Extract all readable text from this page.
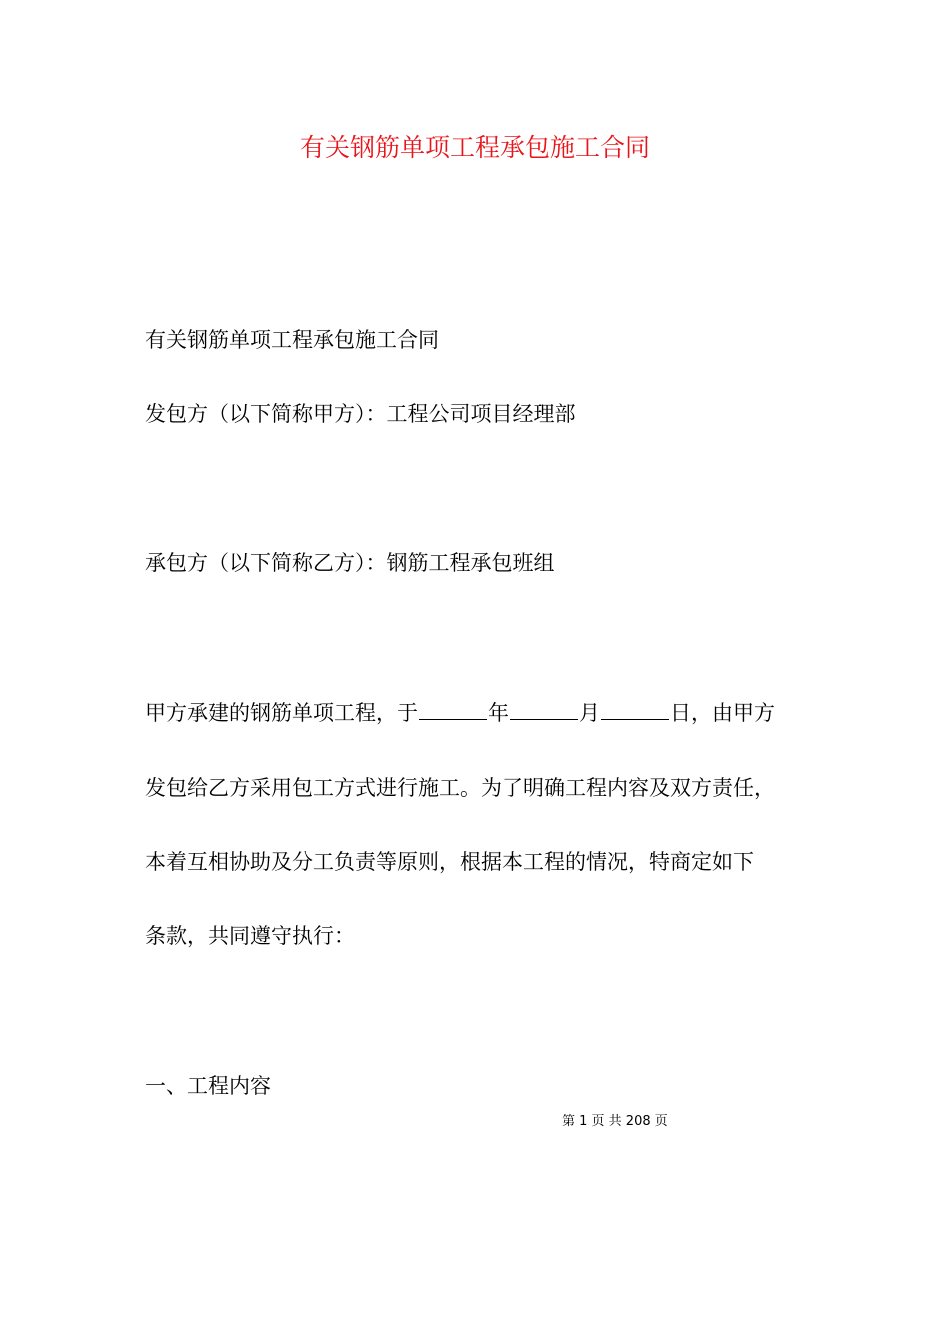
有关钢筋单项工程承包施工合同
有关钢筋单项工程承包施工合同
发包方（以下简称甲方）：工程公司项目经理部
承包方（以下简称乙方）：钢筋工程承包班组
甲方承建的钢筋单项工程，于	年	月	日，由甲方
发包给乙方采用包工方式进行施工。为了明确工程内容及双方责任，
本着互相协助及分工负责等原则，根据本工程的情况，特商定如下
条款，共同遵守执行：
一、工程内容
第 1 页 共 208 页
